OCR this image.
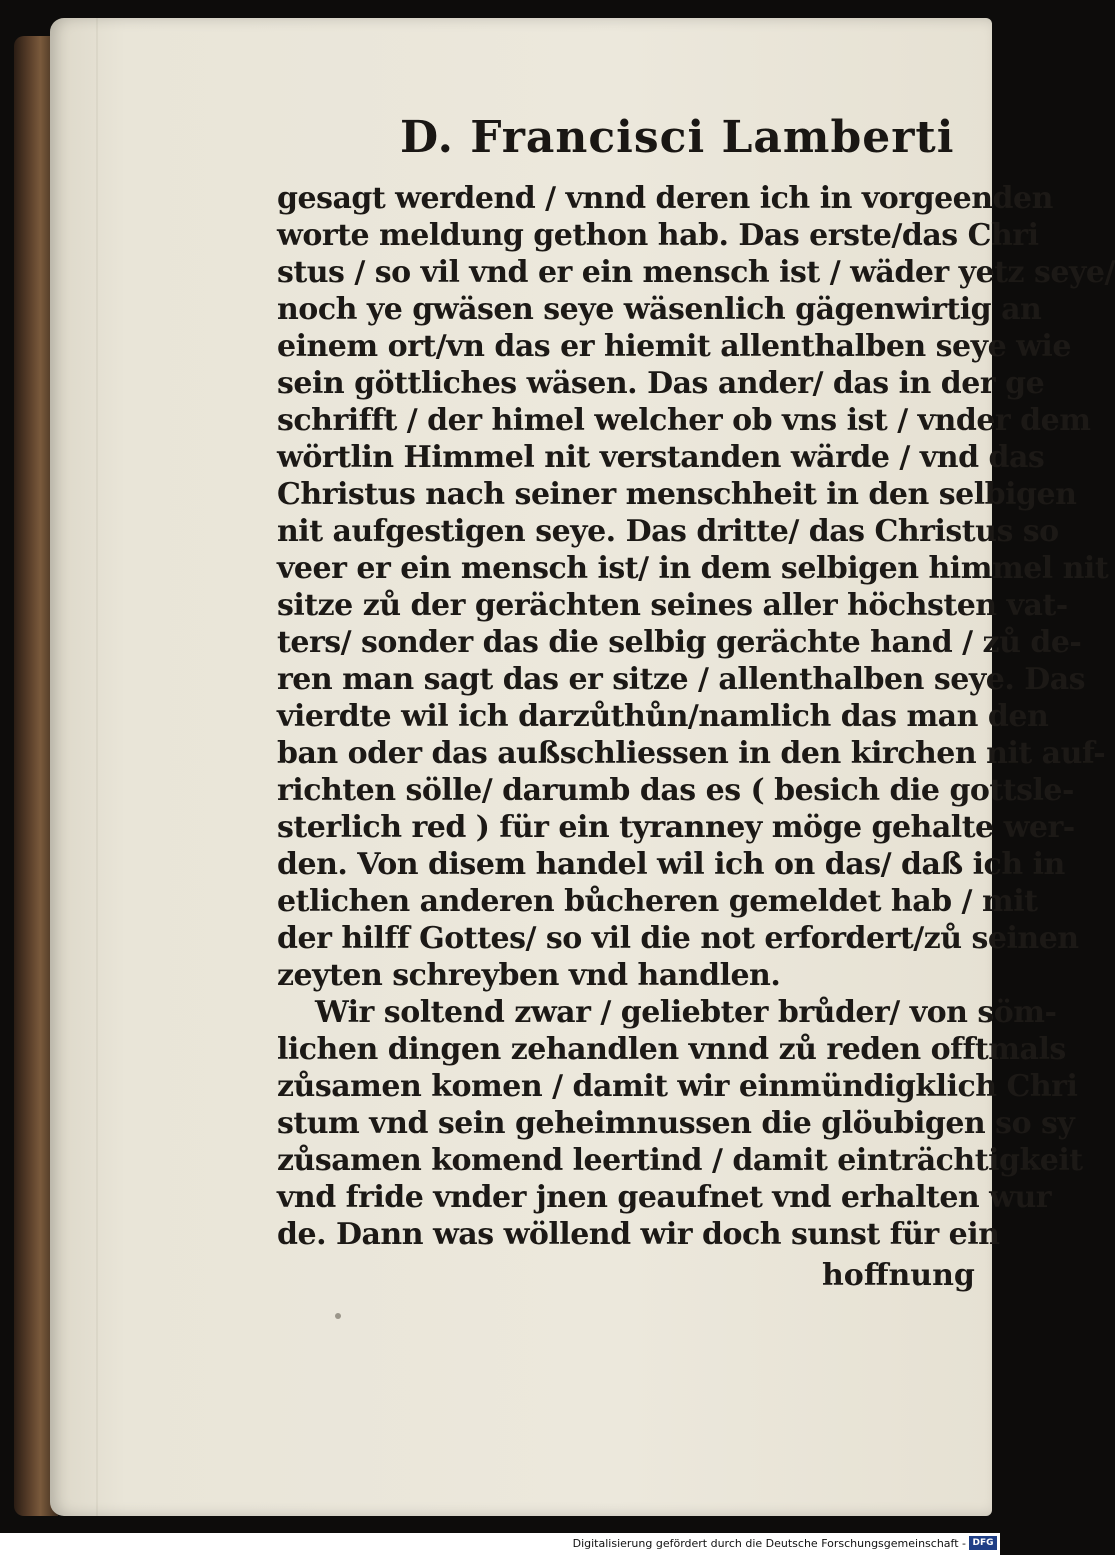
D. Francisci Lamberti
gesagt werdend / vnnd deren ich in vorgeenden
worte meldung gethon hab. Das erste/das Chri
stus / so vil vnd er ein mensch ist / wäder yetz seye/
noch ye gwäsen seye wäsenlich gägenwirtig an
einem ort/vn das er hiemit allenthalben seye wie
sein göttliches wäsen. Das ander/ das in der ge
schrifft / der himel welcher ob vns ist / vnder dem
wörtlin Himmel nit verstanden wärde / vnd das
Christus nach seiner menschheit in den selbigen
nit aufgestigen seye. Das dritte/ das Christus so
veer er ein mensch ist/ in dem selbigen himmel nit
sitze zů der gerächten seines aller höchsten vat-
ters/ sonder das die selbig gerächte hand / zů de-
ren man sagt das er sitze / allenthalben seye. Das
vierdte wil ich darzůthůn/namlich das man den
ban oder das außschliessen in den kirchen nit auf-
richten sölle/ darumb das es ( besich die gottsle-
sterlich red ) für ein tyranney möge gehalte wer-
den. Von disem handel wil ich on das/ daß ich in
etlichen anderen bůcheren gemeldet hab / mit
der hilff Gottes/ so vil die not erfordert/zů seinen
zeyten schreyben vnd handlen.
Wir soltend zwar / geliebter brůder/ von söm-
lichen dingen zehandlen vnnd zů reden offtmals
zůsamen komen / damit wir einmündigklich Chri
stum vnd sein geheimnussen die glöubigen so sy
zůsamen komend leertind / damit einträchtigkeit
vnd fride vnder jnen geaufnet vnd erhalten wur
de. Dann was wöllend wir doch sunst für ein
hoffnung
Digitalisierung gefördert durch die Deutsche Forschungsgemeinschaft - DFG
